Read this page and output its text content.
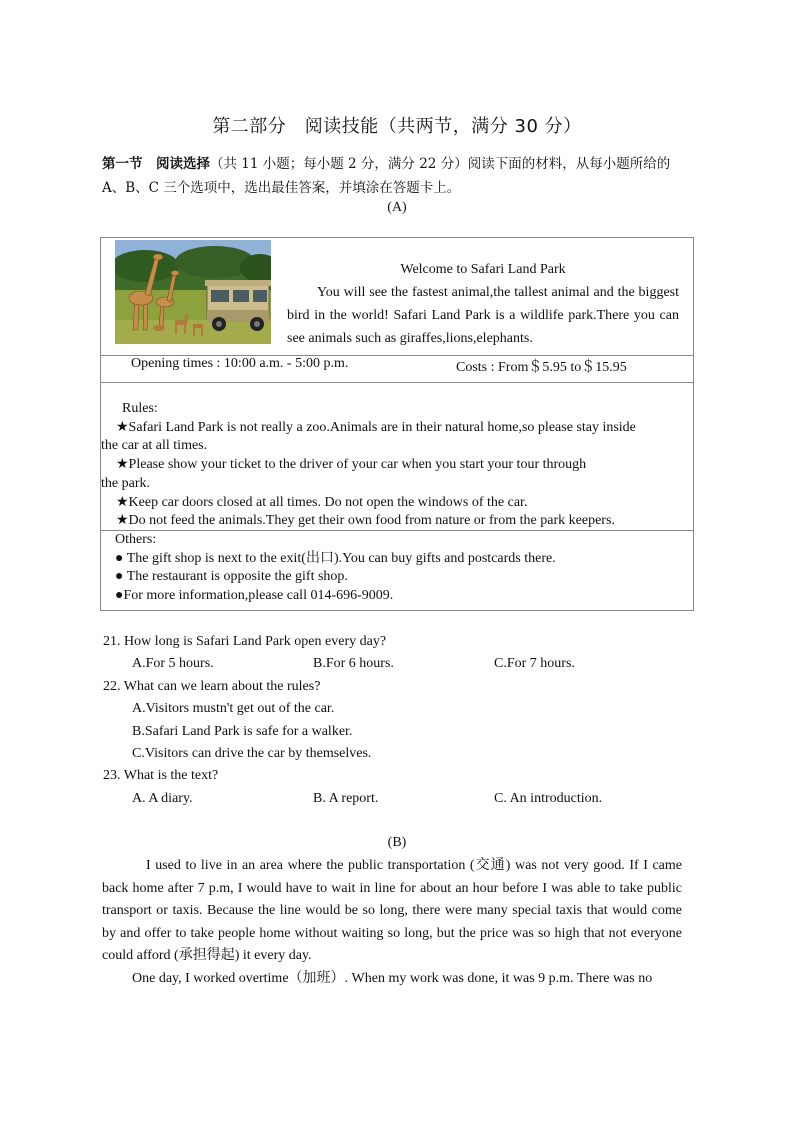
第二部分　阅读技能（共两节，满分 30 分）
第一节　阅读选择（共 11 小题；每小题 2 分，满分 22 分）阅读下面的材料，从每小题所给的 A、B、C 三个选项中，选出最佳答案，并填涂在答题卡上。
(A)
Welcome to Safari Land Park
You will see the fastest animal,the tallest animal and the biggest bird in the world! Safari Land Park is a wildlife park.There you can see animals such as giraffes,lions,elephants.
Opening times : 10:00 a.m. - 5:00 p.m.	Costs : From＄5.95 to＄15.95
Rules:
★Safari Land Park is not really a zoo.Animals are in their natural home,so please stay inside
the car at all times.
★Please show your ticket to the driver of your car when you start your tour through
the park.
★Keep car doors closed at all times. Do not open the windows of the car.
★Do not feed the animals.They get their own food from nature or from the park keepers.
Others:
● The gift shop is next to the exit(出口).You can buy gifts and postcards there.
● The restaurant is opposite the gift shop.
●For more information,please call 014-696-9009.
21. How long is Safari Land Park open every day?
A.For 5 hours.	B.For 6 hours.	C.For 7 hours.
22. What can we learn about the rules?
A.Visitors mustn't get out of the car.
B.Safari Land Park is safe for a walker.
C.Visitors can drive the car by themselves.
23. What is the text?
A. A diary.	B. A report.	C. An introduction.
(B)

I used to live in an area where the public transportation (交通) was not very good. If I came back home after 7 p.m, I would have to wait in line for about an hour before I was able to take public transport or taxis. Because the line would be so long, there were many special taxis that would come by and offer to take people home without waiting so long, but the price was so high that not everyone could afford (承担得起) it every day.

One day, I worked overtime（加班）. When my work was done, it was 9 p.m. There was no
